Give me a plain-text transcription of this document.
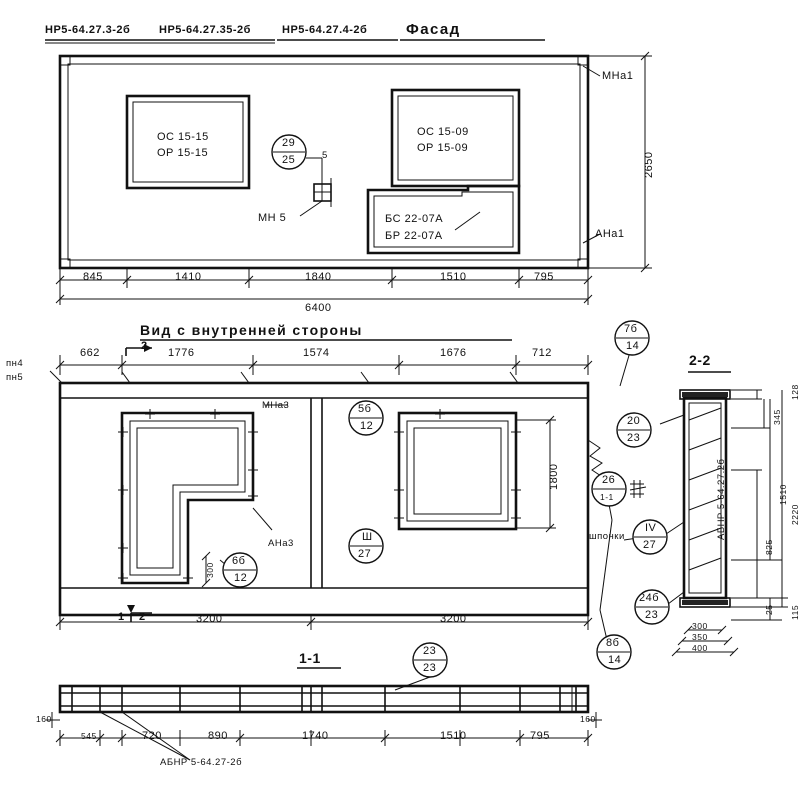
НР5-64.27.3-2б	НР5-64.27.35-2б	НР5-64.27.4-2б	Фасад
ОС 15-15
ОР 15-15
ОС 15-09
ОР 15-09
БС 22-07А
БР 22-07А
МНа1
АНа1
МН 5
5
29
25
845	1410	1840	1510	795
6400
2650
Вид с внутренней стороны
662	1776	1574	1676	712
3200	3200
1800
300
пн4
пн5
МНа3
АНа3
шпонки
1 2
2
7б
14
5б
12
6б
12
Ш
27
8б
14
23
23
20
23
26
1-1
IV
27
24б
23
2-2
АБНР 5-64.27.2б
128
345
1510
2220
825
25 115
300
350
400
1-1
160
545	720	890	1740	1510	795
160
АБНР 5-64.27-2б
